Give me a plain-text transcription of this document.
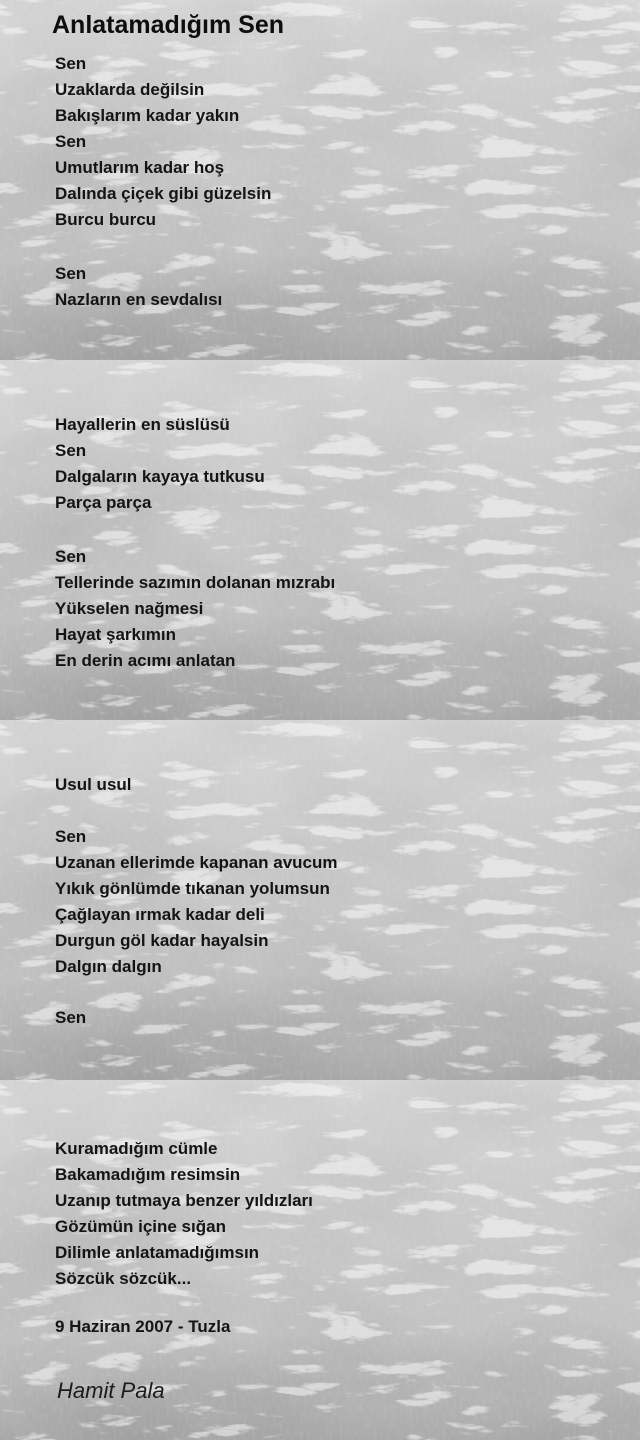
Anlatamadığım Sen
Sen
Uzaklarda değilsin
Bakışlarım kadar yakın
Sen
Umutlarım kadar hoş
Dalında çiçek gibi güzelsin
Burcu burcu
Sen
Nazların en sevdalısı
Hayallerin en süslüsü
Sen
Dalgaların kayaya tutkusu
Parça parça
Sen
Tellerinde sazımın dolanan mızrabı
Yükselen nağmesi
Hayat şarkımın
En derin acımı anlatan
Usul usul
Sen
Uzanan ellerimde kapanan avucum
Yıkık gönlümde tıkanan yolumsun
Çağlayan ırmak kadar deli
Durgun göl kadar hayalsin
Dalgın dalgın
Sen
Kuramadığım cümle
Bakamadığım resimsin
Uzanıp tutmaya benzer yıldızları
Gözümün içine sığan
Dilimle anlatamadığımsın
Sözcük sözcük...
9 Haziran 2007 - Tuzla
Hamit Pala
